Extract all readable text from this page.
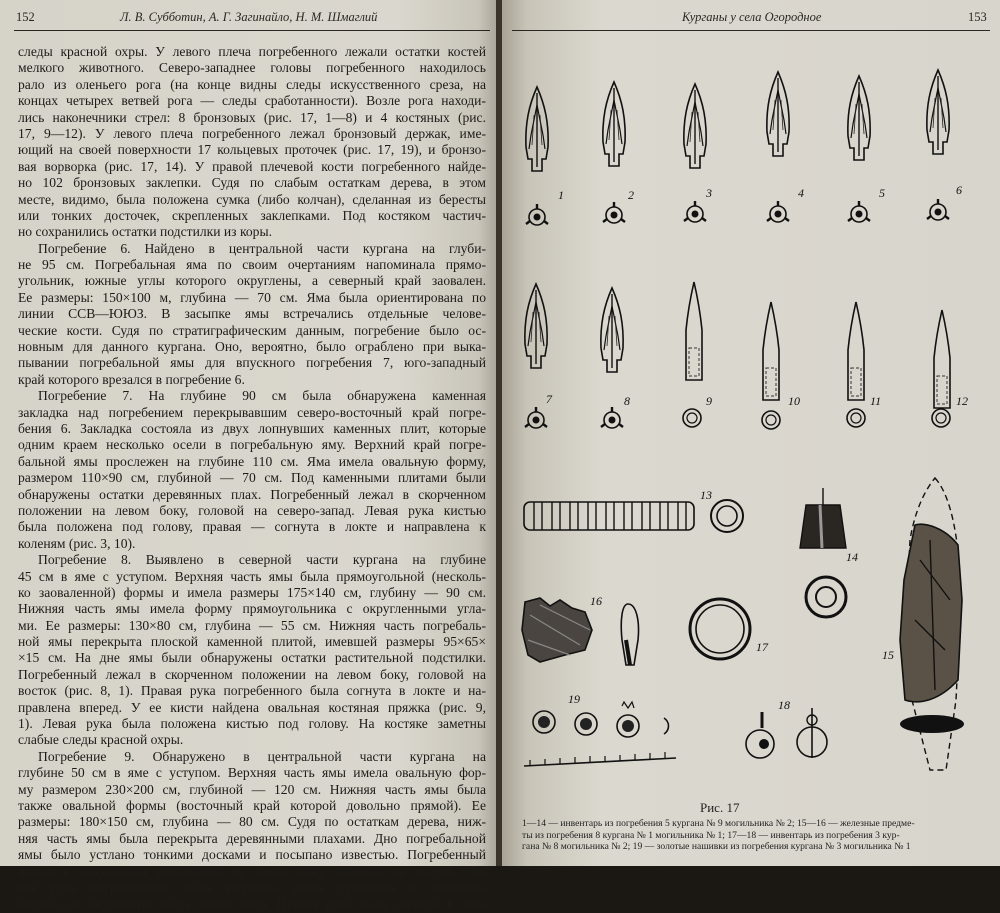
152	Л. В. Субботин, А. Г. Загинайло, Н. М. Шмаглий
следы красной охры. У левого плеча погребенного лежали остатки костей
мелкого животного. Северо-западнее головы погребенного находилось
рало из оленьего рога (на конце видны следы искусственного среза, на
концах четырех ветвей рога — следы сработанности). Возле рога находи-
лись наконечники стрел: 8 бронзовых (рис. 17, 1—8) и 4 костяных (рис.
17, 9—12). У левого плеча погребенного лежал бронзовый держак, име-
ющий на своей поверхности 17 кольцевых проточек (рис. 17, 19), и бронзо-
вая ворворка (рис. 17, 14). У правой плечевой кости погребенного найде-
но 102 бронзовых заклепки. Судя по слабым остаткам дерева, в этом
месте, видимо, была положена сумка (либо колчан), сделанная из бересты
или тонких досточек, скрепленных заклепками. Под костяком частич-
но сохранились остатки подстилки из коры.
Погребение 6. Найдено в центральной части кургана на глуби-
не 95 см. Погребальная яма по своим очертаниям напоминала прямо-
угольник, южные углы которого округлены, а северный край заовален.
Ее размеры: 150×100 м, глубина — 70 см. Яма была ориентирована по
линии ССВ—ЮЮЗ. В засыпке ямы встречались отдельные человe-
ческие кости. Судя по стратиграфическим данным, погребение было ос-
новным для данного кургана. Оно, вероятно, было ограблено при выка-
пывании погребальной ямы для впускного погребения 7, юго-западный
край которого врезался в погребение 6.
Погребение 7. На глубине 90 см была обнаружена каменная
закладка над погребением перекрывавшим северо-восточный край погре-
бения 6. Закладка состояла из двух лопнувших каменных плит, которые
одним краем несколько осели в погребальную яму. Верхний край погре-
бальной ямы прослежен на глубине 110 см. Яма имела овальную форму,
размером 110×90 см, глубиной — 70 см. Под каменными плитами были
обнаружены остатки деревянных плах. Погребенный лежал в скорченном
положении на левом боку, головой на северо-запад. Левая рука кистью
была положена под голову, правая — согнута в локте и направлена к
коленям (рис. 3, 10).
Погребение 8. Выявлено в северной части кургана на глубине
45 см в яме с уступом. Верхняя часть ямы была прямоугольной (несколь-
ко заовaленной) формы и имела размеры 175×140 см, глубину — 90 см.
Нижняя часть ямы имела форму прямоугольника с округленными угла-
ми. Ее размеры: 130×80 см, глубина — 55 см. Нижняя часть погребаль-
ной ямы перекрыта плоской каменной плитой, имевшей размеры 95×65×
×15 см. На дне ямы были обнаружены остатки растительной подстилки.
Погребенный лежал в скорченном положении на левом боку, головой на
восток (рис. 8, 1). Правая рука погребенного была согнута в локте и на-
правлена вперед. У ее кисти найдена овальная костяная пряжка (рис. 9,
1). Левая рука была положена кистью под голову. На костяке заметны
слабые следы красной охры.
Погребение 9. Обнаружено в центральной части кургана на
глубине 50 см в яме с уступом. Верхняя часть ямы имела овальную фор-
му размером 230×200 см, глубиной — 120 см. Нижняя часть ямы была
также овальной формы (восточный край которой довольно прямой). Ее
размеры: 180×150 см, глубина — 80 см. Судя по остаткам дерева, ниж-
няя часть ямы была перекрыта деревянными плахами. Дно погребальной
ямы было устлано тонкими досками и посыпано известью. Погребенный
лежал в скорченном положении на левом боку, головой на восток. Ле-
вая рука погребенного была вытянута вдоль туловища и положена
кистью на бедренную кость левой ноги. Правая рука была согнута в лок-
Курганы у села Огородное	153
1	2	3	4	5	6
7	8	9	10	11	12
13
14
15
16
17
18
19
Рис. 17
1—14 — инвентарь из погребения 5 кургана № 9 могильника № 2; 15—16 — железные предме-
ты из погребения 8 кургана № 1 могильника № 1; 17—18 — инвентарь из погребения 3 кур-
гана № 8 могильника № 2; 19 — золотые нашивки из погребения кургана № 3 могильника № 1
